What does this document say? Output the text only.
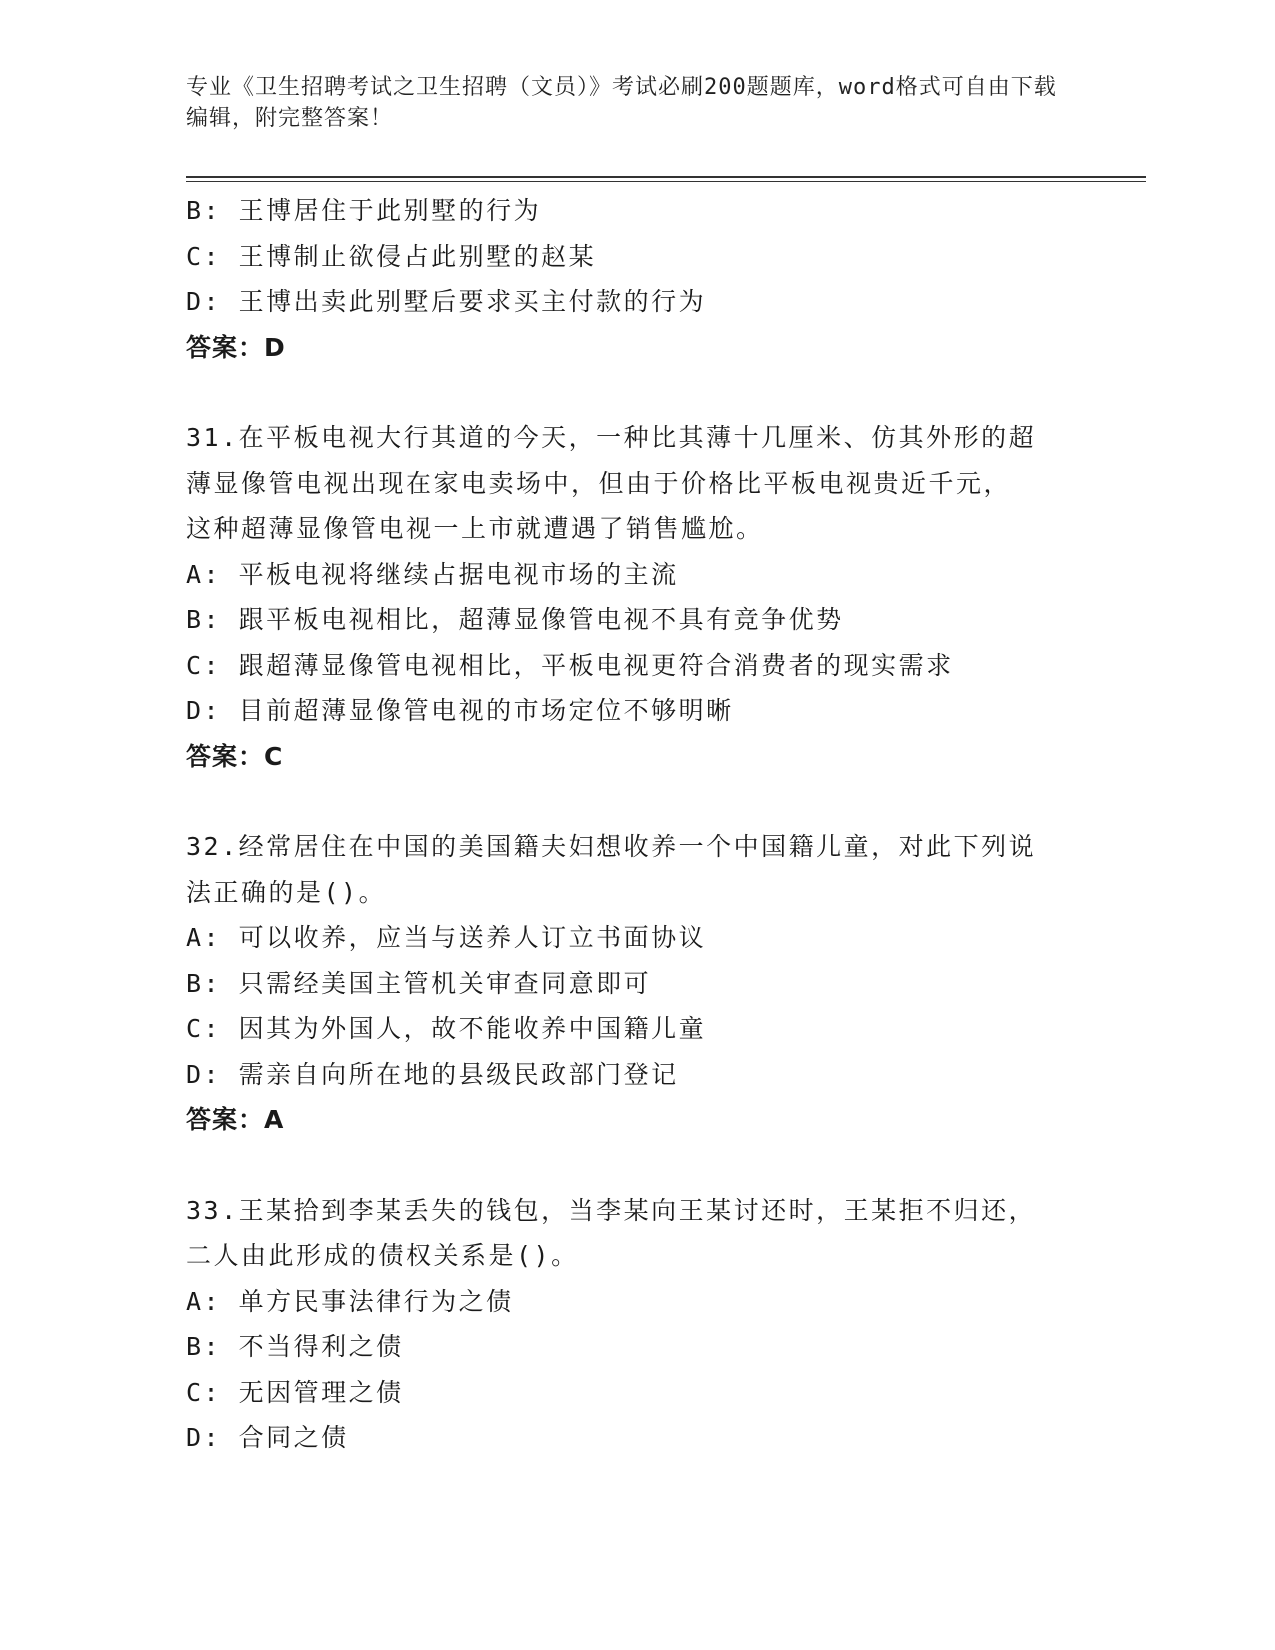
专业《卫生招聘考试之卫生招聘（文员）》考试必刷200题题库，word格式可自由下载编辑，附完整答案！
B: 王博居住于此别墅的行为
C: 王博制止欲侵占此别墅的赵某
D: 王博出卖此别墅后要求买主付款的行为
答案：D
31.在平板电视大行其道的今天，一种比其薄十几厘米、仿其外形的超
薄显像管电视出现在家电卖场中，但由于价格比平板电视贵近千元，
这种超薄显像管电视一上市就遭遇了销售尴尬。
A: 平板电视将继续占据电视市场的主流
B: 跟平板电视相比，超薄显像管电视不具有竞争优势
C: 跟超薄显像管电视相比，平板电视更符合消费者的现实需求
D: 目前超薄显像管电视的市场定位不够明晰
答案：C
32.经常居住在中国的美国籍夫妇想收养一个中国籍儿童，对此下列说
法正确的是()。
A: 可以收养，应当与送养人订立书面协议
B: 只需经美国主管机关审查同意即可
C: 因其为外国人，故不能收养中国籍儿童
D: 需亲自向所在地的县级民政部门登记
答案：A
33.王某拾到李某丢失的钱包，当李某向王某讨还时，王某拒不归还，
二人由此形成的债权关系是()。
A: 单方民事法律行为之债
B: 不当得利之债
C: 无因管理之债
D: 合同之债
